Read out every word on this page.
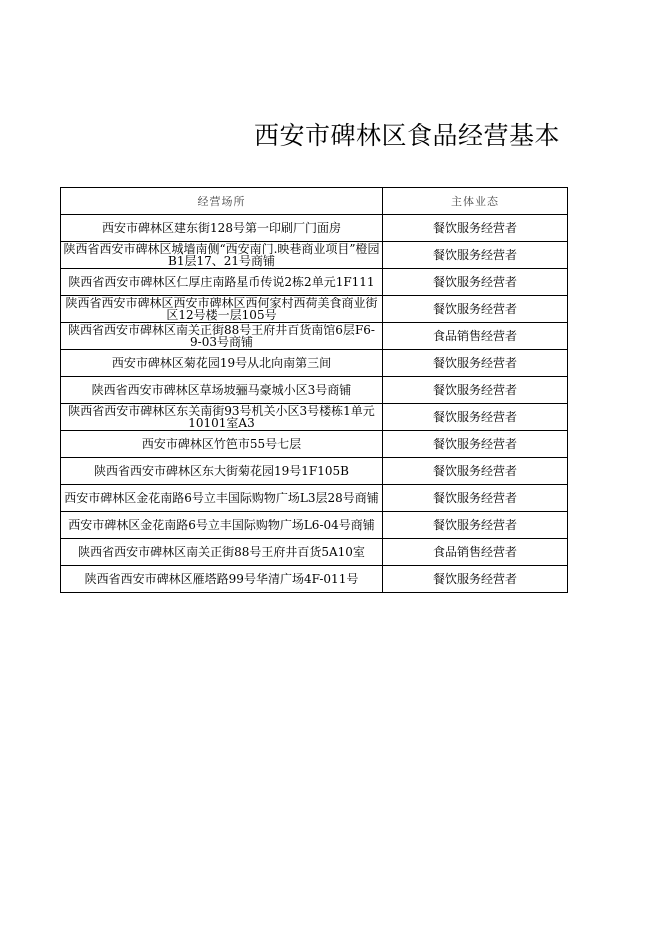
西安市碑林区食品经营基本
经营场所	主体业态

西安市碑林区建东街128号第一印刷厂门面房	餐饮服务经营者

陕西省西安市碑林区城墙南侧“西安南门.映巷商业项目”橙园B1层17、21号商铺	餐饮服务经营者

陕西省西安市碑林区仁厚庄南路星币传说2栋2单元1F111	餐饮服务经营者

陕西省西安市碑林区西安市碑林区西何家村西荷美食商业街区12号楼一层105号	餐饮服务经营者

陕西省西安市碑林区南关正街88号王府井百货南馆6层F6-9-03号商铺	食品销售经营者

西安市碑林区菊花园19号从北向南第三间	餐饮服务经营者

陕西省西安市碑林区草场坡骊马豪城小区3号商铺	餐饮服务经营者

陕西省西安市碑林区东关南街93号机关小区3号楼栋1单元10101室A3	餐饮服务经营者

西安市碑林区竹笆市55号七层	餐饮服务经营者

陕西省西安市碑林区东大街菊花园19号1F105B	餐饮服务经营者

西安市碑林区金花南路6号立丰国际购物广场L3层28号商铺	餐饮服务经营者

西安市碑林区金花南路6号立丰国际购物广场L6-04号商铺	餐饮服务经营者

陕西省西安市碑林区南关正街88号王府井百货5A10室	食品销售经营者

陕西省西安市碑林区雁塔路99号华清广场4F-011号	餐饮服务经营者
